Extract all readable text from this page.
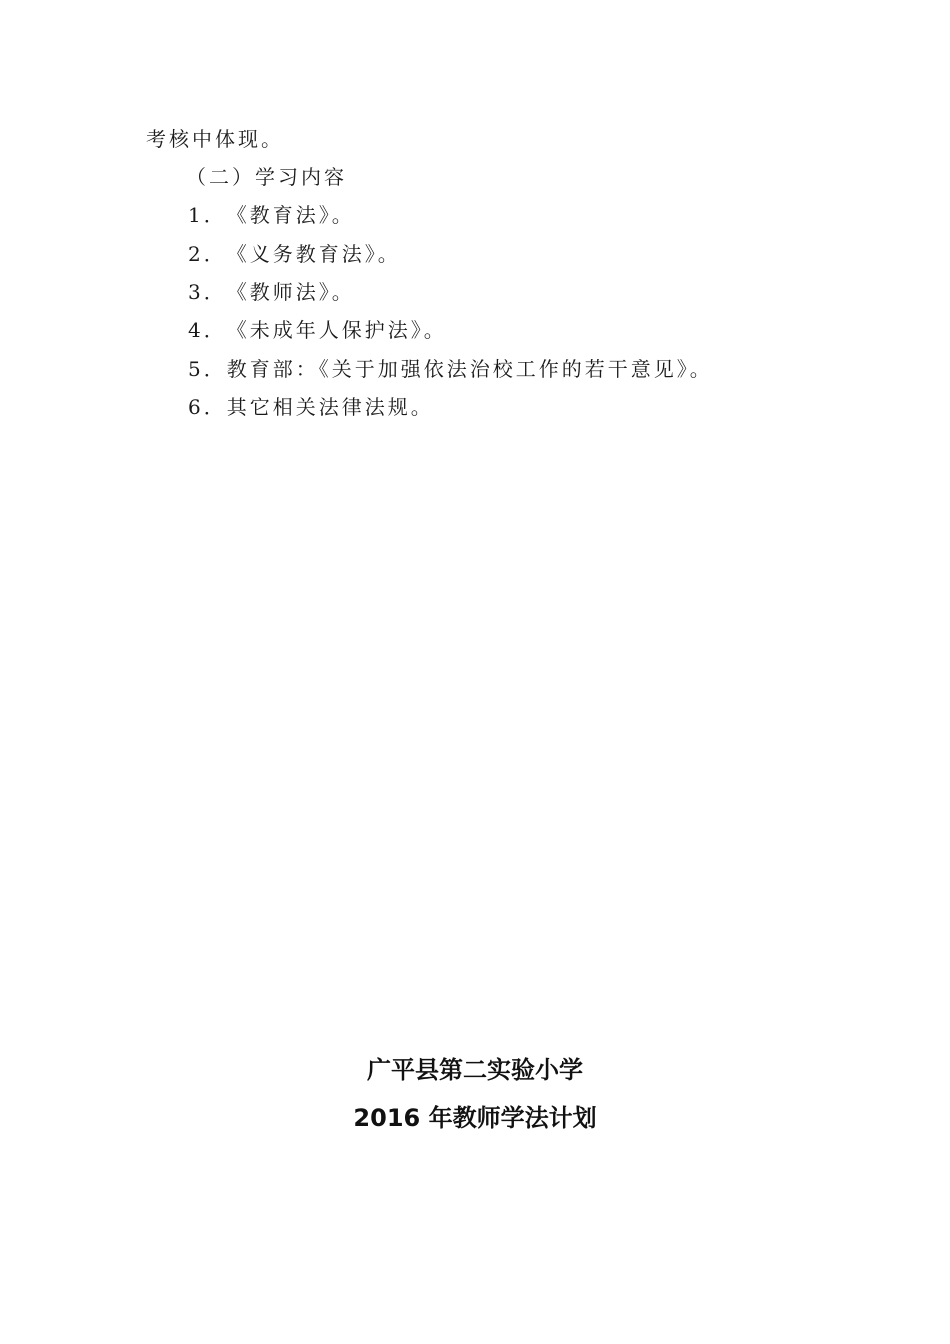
考核中体现。
（二）学习内容
1．《教育法》。
2．《义务教育法》。
3．《教师法》。
4．《未成年人保护法》。
5．教育部：《关于加强依法治校工作的若干意见》。
6．其它相关法律法规。
广平县第二实验小学
2016 年教师学法计划
